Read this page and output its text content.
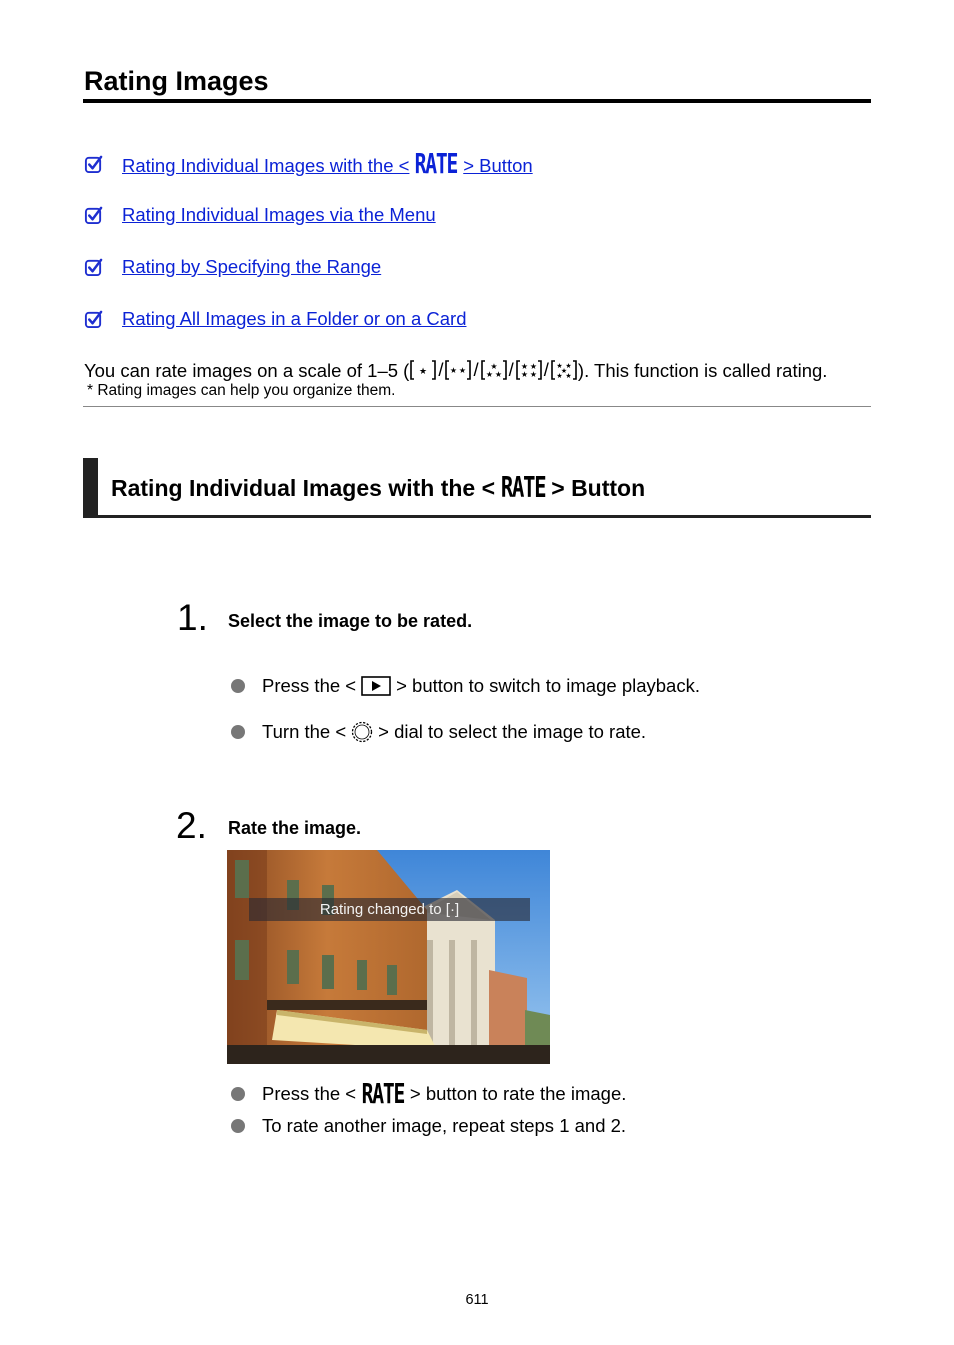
Rating Images
Rating Individual Images with the < RATE > Button
Rating Individual Images via the Menu
Rating by Specifying the Range
Rating All Images in a Folder or on a Card
You can rate images on a scale of 1–5 ( ★ / ★ ★ / ★
★ ★ / ★ ★
★ ★ / ★ ★
★
★ ★ ). This function is called rating.
* Rating images can help you organize them.
Rating Individual Images with the < RATE > Button
1. Select the image to be rated.
Press the < > button to switch to image playback.
Turn the < > dial to select the image to rate.
2. Rate the image.
Rating changed to [·]
Press the < RATE > button to rate the image.
To rate another image, repeat steps 1 and 2.
611
